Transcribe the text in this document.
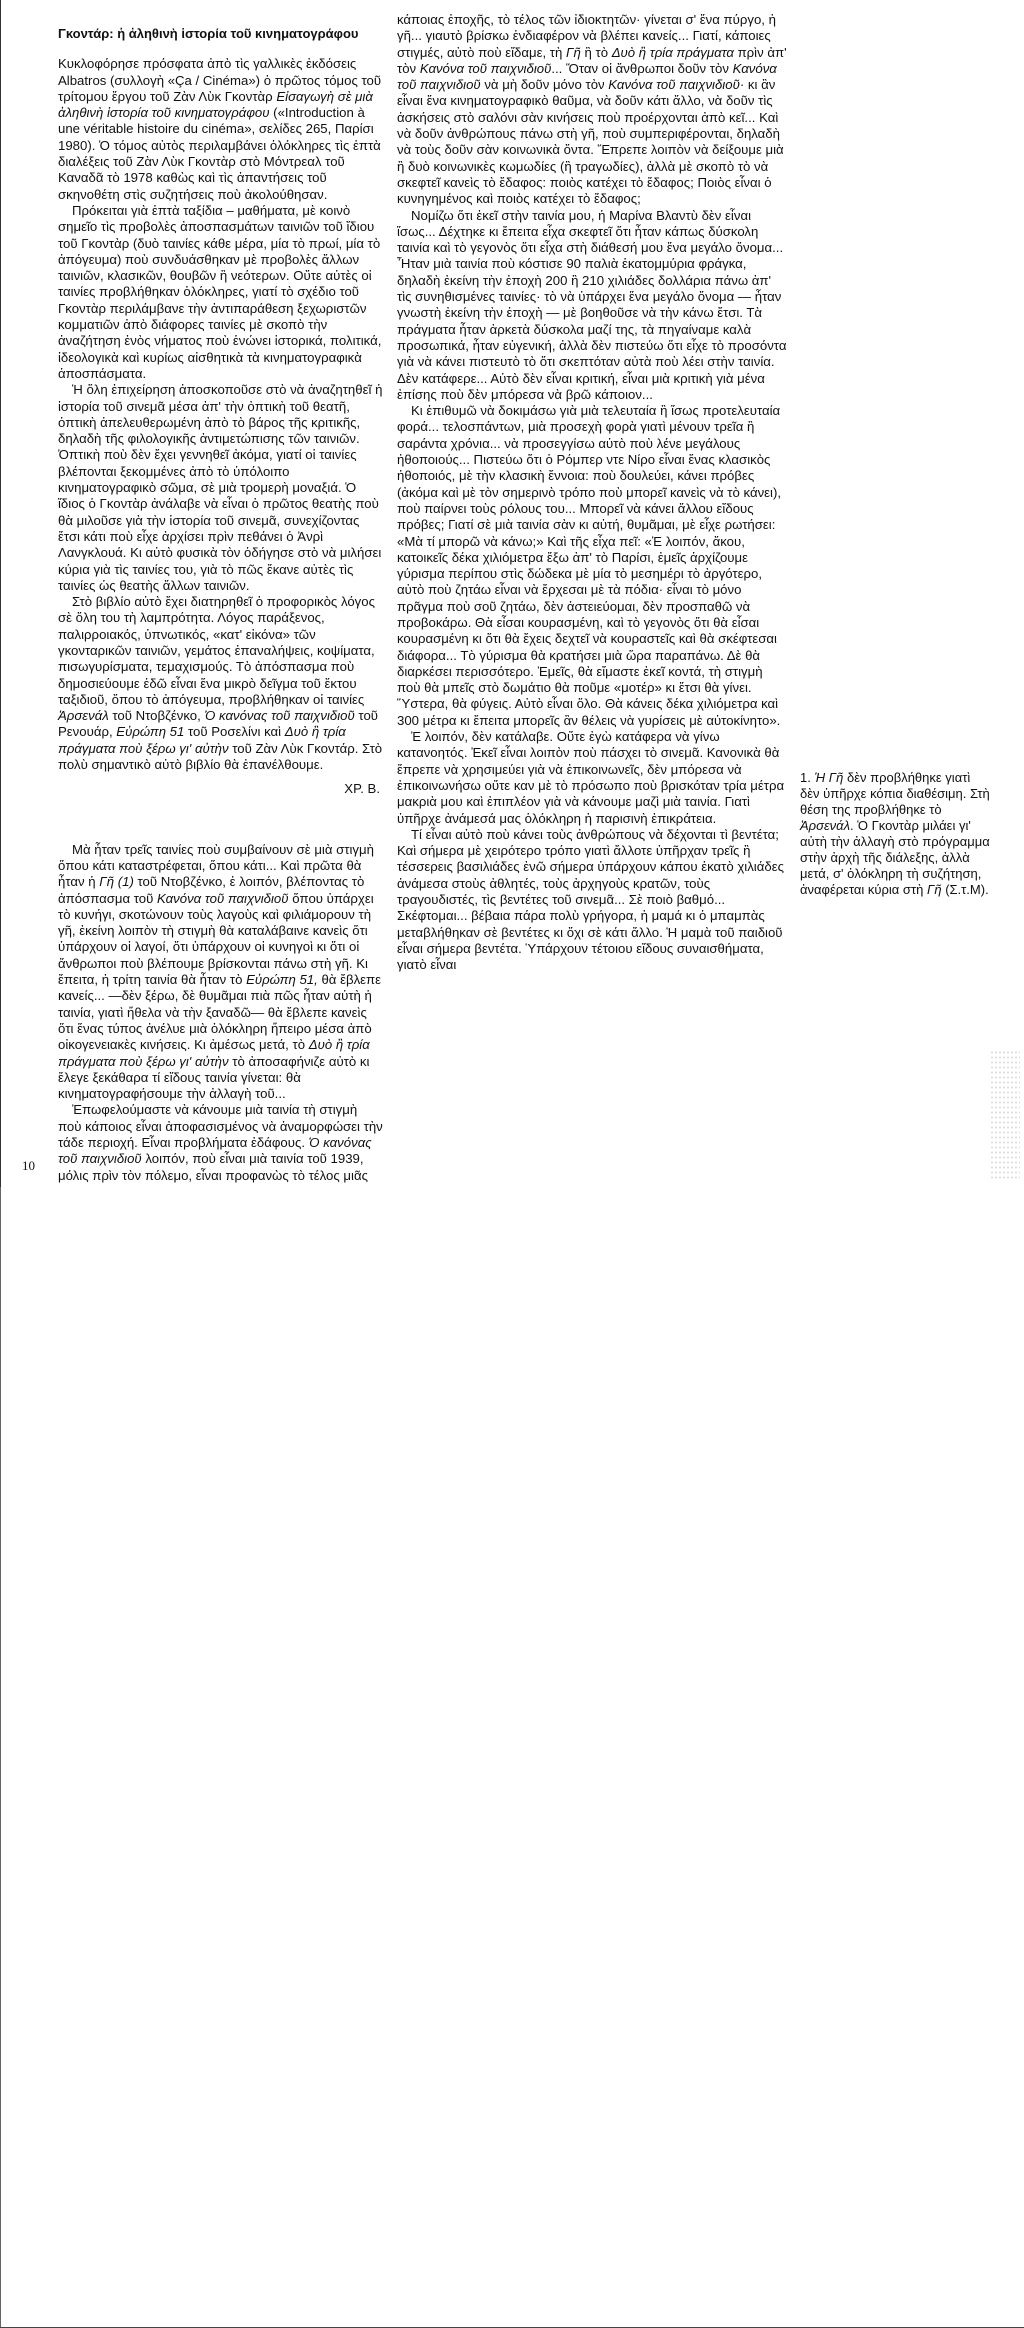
Γκοντάρ: ἡ ἀληθινὴ ἱστορία τοῦ κινηματογράφου

Κυκλοφόρησε πρόσφατα ἀπὸ τὶς γαλλικὲς ἐκδόσεις Albatros (συλλογὴ «Ça / Cinéma») ὁ πρῶτος τόμος τοῦ τρίτομου ἔργου τοῦ Ζὰν Λὺκ Γκοντὰρ Εἰσαγωγὴ σὲ μιὰ ἀληθινὴ ἱστορία τοῦ κινηματογράφου («Introduction à une véritable histoire du cinéma», σελίδες 265, Παρίσι 1980). Ὁ τόμος αὐτὸς περιλαμβάνει ὁλόκληρες τὶς ἑπτὰ διαλέξεις τοῦ Ζὰν Λὺκ Γκοντὰρ στὸ Μόντρεαλ τοῦ Καναδᾶ τὸ 1978 καθὼς καὶ τὶς ἀπαντήσεις τοῦ σκηνοθέτη στὶς συζητήσεις ποὺ ἀκολούθησαν.

Πρόκειται γιὰ ἑπτὰ ταξίδια – μαθήματα, μὲ κοινὸ σημεῖο τὶς προβολὲς ἀποσπασμάτων ταινιῶν τοῦ ἴδιου τοῦ Γκοντὰρ (δυὸ ταινίες κάθε μέρα, μία τὸ πρωί, μία τὸ ἀπόγευμα) ποὺ συνδυάσθηκαν μὲ προβολὲς ἄλλων ταινιῶν, κλασικῶν, θουβῶν ἢ νεότερων. Οὔτε αὐτὲς οἱ ταινίες προβλήθηκαν ὁλόκληρες, γιατί τὸ σχέδιο τοῦ Γκοντὰρ περιλάμβανε τὴν ἀντιπαράθεση ξεχωριστῶν κομματιῶν ἀπὸ διάφορες ταινίες μὲ σκοπὸ τὴν ἀναζήτηση ἑνὸς νήματος ποὺ ἑνώνει ἱστορικά, πολιτικά, ἰδεολογικὰ καὶ κυρίως αἰσθητικὰ τὰ κινηματογραφικὰ ἀποσπάσματα.

Ἡ ὅλη ἐπιχείρηση ἀποσκοποῦσε στὸ νὰ ἀναζητηθεῖ ἡ ἱστορία τοῦ σινεμᾶ μέσα ἀπ' τὴν ὀπτικὴ τοῦ θεατῆ, ὀπτικὴ ἀπελευθερωμένη ἀπὸ τὸ βάρος τῆς κριτικῆς, δηλαδὴ τῆς φιλολογικῆς ἀντιμετώπισης τῶν ταινιῶν. Ὀπτικὴ ποὺ δὲν ἔχει γεννηθεῖ ἀκόμα, γιατί οἱ ταινίες βλέπονται ξεκομμένες ἀπὸ τὸ ὑπόλοιπο κινηματογραφικὸ σῶμα, σὲ μιὰ τρομερὴ μοναξιά. Ὁ ἴδιος ὁ Γκοντὰρ ἀνάλαβε νὰ εἶναι ὁ πρῶτος θεατὴς ποὺ θὰ μιλοῦσε γιὰ τὴν ἱστορία τοῦ σινεμᾶ, συνεχίζοντας ἔτσι κάτι ποὺ εἶχε ἀρχίσει πρὶν πεθάνει ὁ Ἀνρὶ Λανγκλουά. Κι αὐτὸ φυσικὰ τὸν ὁδήγησε στὸ νὰ μιλήσει κύρια γιὰ τὶς ταινίες του, γιὰ τὸ πῶς ἔκανε αὐτὲς τὶς ταινίες ὡς θεατὴς ἄλλων ταινιῶν.

Στὸ βιβλίο αὐτὸ ἔχει διατηρηθεῖ ὁ προφορικὸς λόγος σὲ ὅλη του τὴ λαμπρότητα. Λόγος παράξενος, παλιρροιακός, ὑπνωτικός, «κατ' εἰκόνα» τῶν γκονταρικῶν ταινιῶν, γεμάτος ἐπαναλήψεις, κοψίματα, πισωγυρίσματα, τεμαχισμούς. Τὸ ἀπόσπασμα ποὺ δημοσιεύουμε ἐδῶ εἶναι ἕνα μικρὸ δεῖγμα τοῦ ἕκτου ταξιδιοῦ, ὅπου τὸ ἀπόγευμα, προβλήθηκαν οἱ ταινίες Ἀρσενάλ τοῦ Ντοβζένκο, Ὁ κανόνας τοῦ παιχνιδιοῦ τοῦ Ρενουάρ, Εὐρώπη 51 τοῦ Ροσελίνι καὶ Δυὸ ἢ τρία πράγματα ποὺ ξέρω γι' αὐτὴν τοῦ Ζὰν Λὺκ Γκοντάρ. Στὸ πολὺ σημαντικὸ αὐτὸ βιβλίο θὰ ἐπανέλθουμε.

ΧΡ. Β.

Μὰ ἦταν τρεῖς ταινίες ποὺ συμβαίνουν σὲ μιὰ στιγμὴ ὅπου κάτι καταστρέφεται, ὅπου κάτι... Καὶ πρῶτα θὰ ἦταν ἡ Γῆ (1) τοῦ Ντοβζένκο, ἐ λοιπόν, βλέποντας τὸ ἀπόσπασμα τοῦ Κανόνα τοῦ παιχνιδιοῦ ὅπου ὑπάρχει τὸ κυνήγι, σκοτώνουν τοὺς λαγοὺς καὶ φιλιάμορουν τὴ γῆ, ἐκείνη λοιπὸν τὴ στιγμὴ θὰ καταλάβαινε κανεὶς ὅτι ὑπάρχουν οἱ λαγοί, ὅτι ὑπάρχουν οἱ κυνηγοὶ κι ὅτι οἱ ἄνθρωποι ποὺ βλέπουμε βρίσκονται πάνω στὴ γῆ. Κι ἔπειτα, ἡ τρίτη ταινία θὰ ἦταν τὸ Εὐρώπη 51, θὰ ἔβλεπε κανείς... —δὲν ξέρω, δὲ θυμᾶμαι πιὰ πῶς ἦταν αὐτὴ ἡ ταινία, γιατὶ ἤθελα νὰ τὴν ξαναδῶ— θὰ ἔβλεπε κανεὶς ὅτι ἕνας τύπος ἀνέλυε μιὰ ὁλόκληρη ἤπειρο μέσα ἀπὸ οἰκογενειακὲς κινήσεις. Κι ἀμέσως μετά, τὸ Δυὸ ἢ τρία πράγματα ποὺ ξέρω γι' αὐτὴν τὸ ἀποσαφήνιζε αὐτὸ κι ἔλεγε ξεκάθαρα τί εἴδους ταινία γίνεται: θὰ κινηματογραφήσουμε τὴν ἀλλαγὴ τοῦ...

Ἐπωφελούμαστε νὰ κάνουμε μιὰ ταινία τὴ στιγμὴ ποὺ κάποιος εἶναι ἀποφασισμένος νὰ ἀναμορφώσει τὴν τάδε περιοχή. Εἶναι προβλήματα ἐδάφους. Ὁ κανόνας τοῦ παιχνιδιοῦ λοιπόν, ποὺ εἶναι μιὰ ταινία τοῦ 1939, μόλις πρὶν τὸν πόλεμο, εἶναι προφανὼς τὸ τέλος μιᾶς

κάποιας ἐποχῆς, τὸ τέλος τῶν ἰδιοκτητῶν· γίνεται σ' ἕνα πύργο, ἡ γῆ... γιαυτὸ βρίσκω ἐνδιαφέρον νὰ βλέπει κανείς... Γιατί, κάποιες στιγμές, αὐτὸ ποὺ εἴδαμε, τὴ Γῆ ἢ τὸ Δυὸ ἢ τρία πράγματα πρὶν ἀπ' τὸν Κανόνα τοῦ παιχνιδιοῦ... Ὅταν οἱ ἄνθρωποι δοῦν τὸν Κανόνα τοῦ παιχνιδιοῦ νὰ μὴ δοῦν μόνο τὸν Κανόνα τοῦ παιχνιδιοῦ· κι ἂν εἶναι ἕνα κινηματογραφικὸ θαῦμα, νὰ δοῦν κάτι ἄλλο, νὰ δοῦν τὶς ἀσκήσεις στὸ σαλόνι σὰν κινήσεις ποὺ προέρχονται ἀπὸ κεῖ... Καὶ νὰ δοῦν ἀνθρώπους πάνω στὴ γῆ, ποὺ συμπεριφέρονται, δηλαδὴ νὰ τοὺς δοῦν σὰν κοινωνικὰ ὄντα. Ἔπρεπε λοιπὸν νὰ δείξουμε μιὰ ἢ δυὸ κοινωνικὲς κωμωδίες (ἢ τραγωδίες), ἀλλὰ μὲ σκοπὸ τὸ νὰ σκεφτεῖ κανεὶς τὸ ἔδαφος: ποιὸς κατέχει τὸ ἔδαφος; Ποιὸς εἶναι ὁ κυνηγημένος καὶ ποιὸς κατέχει τὸ ἔδαφος;

Νομίζω ὅτι ἐκεῖ στὴν ταινία μου, ἡ Μαρίνα Βλαντὺ δὲν εἶναι ἴσως... Δέχτηκε κι ἔπειτα εἶχα σκεφτεῖ ὅτι ἦταν κάπως δύσκολη ταινία καὶ τὸ γεγονὸς ὅτι εἶχα στὴ διάθεσή μου ἕνα μεγάλο ὄνομα... Ἦταν μιὰ ταινία ποὺ κόστισε 90 παλιὰ ἑκατομμύρια φράγκα, δηλαδὴ ἐκείνη τὴν ἐποχὴ 200 ἢ 210 χιλιάδες δολλάρια πάνω ἀπ' τὶς συνηθισμένες ταινίες· τὸ νὰ ὑπάρχει ἕνα μεγάλο ὄνομα — ἦταν γνωστὴ ἐκείνη τὴν ἐποχὴ — μὲ βοηθοῦσε νὰ τὴν κάνω ἔτσι. Τὰ πράγματα ἦταν ἀρκετὰ δύσκολα μαζί της, τὰ πηγαίναμε καλὰ προσωπικά, ἦταν εὐγενική, ἀλλὰ δὲν πιστεύω ὅτι εἶχε τὸ προσόντα γιὰ νὰ κάνει πιστευτὸ τὸ ὅτι σκεπτόταν αὐτὰ ποὺ λέει στὴν ταινία. Δὲν κατάφερε... Αὐτὸ δὲν εἶναι κριτική, εἶναι μιὰ κριτικὴ γιὰ μένα ἐπίσης ποὺ δὲν μπόρεσα νὰ βρῶ κάποιον...

Κι ἐπιθυμῶ νὰ δοκιμάσω γιὰ μιὰ τελευταία ἢ ἴσως προτελευταία φορά... τελοσπάντων, μιὰ προσεχὴ φορὰ γιατὶ μένουν τρεῖα ἢ σαράντα χρόνια... νὰ προσεγγίσω αὐτὸ ποὺ λένε μεγάλους ἠθοποιούς... Πιστεύω ὅτι ὁ Ρόμπερ ντε Νίρο εἶναι ἕνας κλασικὸς ἠθοποιός, μὲ τὴν κλασικὴ ἔννοια: ποὺ δουλεύει, κάνει πρόβες (ἀκόμα καὶ μὲ τὸν σημερινὸ τρόπο ποὺ μπορεῖ κανεὶς νὰ τὸ κάνει), ποὺ παίρνει τοὺς ρόλους του... Μπορεῖ νὰ κάνει ἄλλου εἴδους πρόβες; Γιατί σὲ μιὰ ταινία σὰν κι αὐτή, θυμᾶμαι, μὲ εἶχε ρωτήσει: «Μὰ τί μπορῶ νὰ κάνω;» Καὶ τῆς εἶχα πεῖ: «Ἐ λοιπόν, ἄκου, κατοικεῖς δέκα χιλιόμετρα ἔξω ἀπ' τὸ Παρίσι, ἐμεῖς ἀρχίζουμε γύρισμα περίπου στὶς δώδεκα μὲ μία τὸ μεσημέρι τὸ ἀργότερο, αὐτὸ ποὺ ζητάω εἶναι νὰ ἔρχεσαι μὲ τὰ πόδια· εἶναι τὸ μόνο πρᾶγμα ποὺ σοῦ ζητάω, δὲν ἀστειεύομαι, δὲν προσπαθῶ νὰ προβοκάρω. Θὰ εἶσαι κουρασμένη, καὶ τὸ γεγονὸς ὅτι θὰ εἶσαι κουρασμένη κι ὅτι θὰ ἔχεις δεχτεῖ νὰ κουραστεῖς καὶ θὰ σκέφτεσαι διάφορα... Τὸ γύρισμα θὰ κρατήσει μιὰ ὥρα παραπάνω. Δὲ θὰ διαρκέσει περισσότερο. Ἐμεῖς, θὰ εἴμαστε ἐκεῖ κοντά, τὴ στιγμὴ ποὺ θὰ μπεῖς στὸ δωμάτιο θὰ ποῦμε «μοτέρ» κι ἔτσι θὰ γίνει. Ὕστερα, θὰ φύγεις. Αὐτὸ εἶναι ὅλο. Θὰ κάνεις δέκα χιλιόμετρα καὶ 300 μέτρα κι ἔπειτα μπορεῖς ἂν θέλεις νὰ γυρίσεις μὲ αὐτοκίνητο».

Ἐ λοιπόν, δὲν κατάλαβε. Οὔτε ἐγὼ κατάφερα νὰ γίνω κατανοητός. Ἐκεῖ εἶναι λοιπὸν ποὺ πάσχει τὸ σινεμᾶ. Κανονικὰ θὰ ἔπρεπε νὰ χρησιμεύει γιὰ νὰ ἐπικοινωνεῖς, δὲν μπόρεσα νὰ ἐπικοινωνήσω οὔτε καν μὲ τὸ πρόσωπο ποὺ βρισκόταν τρία μέτρα μακριὰ μου καὶ ἐπιπλέον γιὰ νὰ κάνουμε μαζὶ μιὰ ταινία. Γιατὶ ὑπῆρχε ἀνάμεσά μας ὁλόκληρη ἡ παρισινὴ ἐπικράτεια.

Τί εἶναι αὐτὸ ποὺ κάνει τοὺς ἀνθρώπους νὰ δέχονται τὶ βεντέτα; Καὶ σήμερα μὲ χειρότερο τρόπο γιατὶ ἄλλοτε ὑπῆρχαν τρεῖς ἢ τέσσερεις βασιλιάδες ἐνῶ σήμερα ὑπάρχουν κάπου ἑκατὸ χιλιάδες ἀνάμεσα στοὺς ἀθλητές, τοὺς ἀρχηγοὺς κρατῶν, τοὺς τραγουδιστές, τὶς βεντέτες τοῦ σινεμᾶ... Σὲ ποιὸ βαθμό... Σκέφτομαι... βέβαια πάρα πολὺ γρήγορα, ἡ μαμά κι ὁ μπαμπὰς μεταβλήθηκαν σὲ βεντέτες κι ὄχι σὲ κάτι ἄλλο. Ἡ μαμὰ τοῦ παιδιοῦ εἶναι σήμερα βεντέτα. Ὑπάρχουν τέτοιου εἴδους συναισθήματα, γιατὸ εἶναι

1. Ἡ Γῆ δὲν προβλήθηκε γιατὶ δὲν ὑπῆρχε κόπια διαθέσιμη. Στὴ θέση της προβλήθηκε τὸ Ἀρσενάλ. Ὁ Γκοντὰρ μιλάει γι' αὐτὴ τὴν ἀλλαγὴ στὸ πρόγραμμα στὴν ἀρχὴ τῆς διάλεξης, ἀλλὰ μετά, σ' ὁλόκληρη τὴ συζήτηση, ἀναφέρεται κύρια στὴ Γῆ (Σ.τ.Μ).

10
